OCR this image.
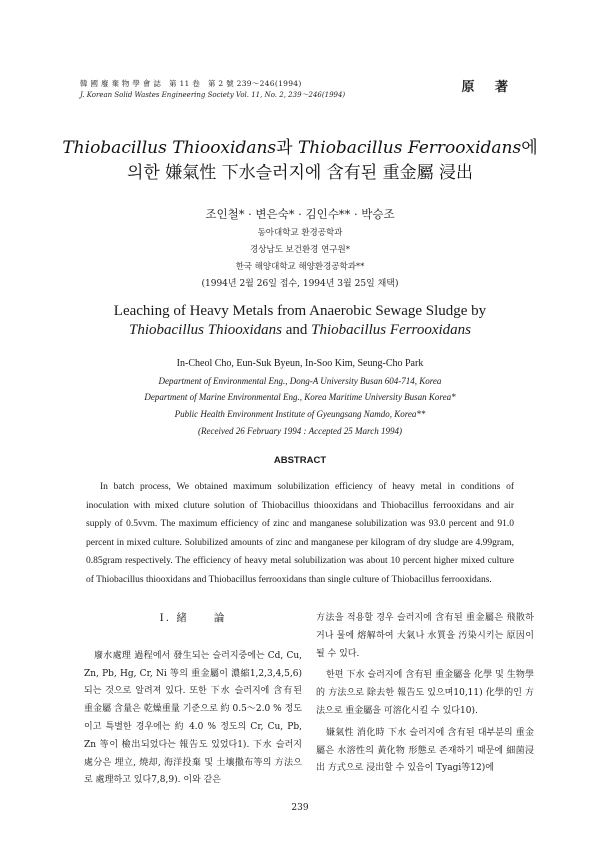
韓 國 廢 棄 物 學 會 誌　第 11 卷　第 2 號 239～246(1994)
J. Korean Solid Wastes Engineering Society Vol. 11, No. 2, 239～246(1994)	原 著
Thiobacillus Thiooxidans과 Thiobacillus Ferrooxidans에
의한 嫌氣性 下水슬러지에 含有된 重金屬 浸出
조인철* · 변은숙* · 김인수** · 박승조
동아대학교 환경공학과
경상남도 보건환경 연구원*
한국 해양대학교 해양환경공학과**
(1994년 2월 26일 접수, 1994년 3월 25일 채택)
Leaching of Heavy Metals from Anaerobic Sewage Sludge by
Thiobacillus Thiooxidans and Thiobacillus Ferrooxidans
In-Cheol Cho, Eun-Suk Byeun, In-Soo Kim, Seung-Cho Park
Department of Environmental Eng., Dong-A University Busan 604-714, Korea
Department of Marine Environmental Eng., Korea Maritime University Busan Korea*
Public Health Environment Institute of Gyeungsang Namdo, Korea**
(Received 26 February 1994 : Accepted 25 March 1994)
ABSTRACT

In batch process, We obtained maximum solubilization efficiency of heavy metal in conditions of inoculation with mixed cluture solution of Thiobacillus thiooxidans and Thiobacillus ferrooxidans and air supply of 0.5vvm. The maximum efficiency of zinc and manganese solubilization was 93.0 percent and 91.0 percent in mixed culture. Solubilized amounts of zinc and manganese per kilogram of dry sludge are 4.99gram, 0.85gram respectively. The efficiency of heavy metal solubilization was about 10 percent higher mixed culture of Thiobacillus thiooxidans and Thiobacillus ferrooxidans than single culture of Thiobacillus ferrooxidans.

I. 緒　　論

廢水處理 過程에서 發生되는 슬러지중에는 Cd, Cu, Zn, Pb, Hg, Cr, Ni 等의 重金屬이 濃縮1,2,3,4,5,6) 되는 것으로 알려져 있다. 또한 下水 슬러지에 含有된 重金屬 含量은 乾燥重量 기준으로 約 0.5～2.0 % 정도이고 특별한 경우에는 約 4.0 % 정도의 Cr, Cu, Pb, Zn 等이 檢出되었다는 報告도 있었다1). 下水 슬러지 處分은 埋立, 燒却, 海洋投棄 및 土壤撒布等의 方法으로 處理하고 있다7,8,9). 이와 같은

方法을 적용할 경우 슬러지에 含有된 重金屬은 飛散하거나 물에 熔解하여 大氣나 水質을 汚染시키는 原因이 될 수 있다.

한편 下水 슬러지에 含有된 重金屬을 化學 및 生物學的 方法으로 除去한 報告도 있으며10,11) 化學的인 方法으로 重金屬을 可溶化시킬 수 있다10).

嫌氣性 消化時 下水 슬러지에 含有된 대부분의 重金屬은 水溶性의 黃化物 形態로 존재하기 때문에 細菌浸出 方式으로 浸出할 수 있음이 Tyagi等12)에

239
